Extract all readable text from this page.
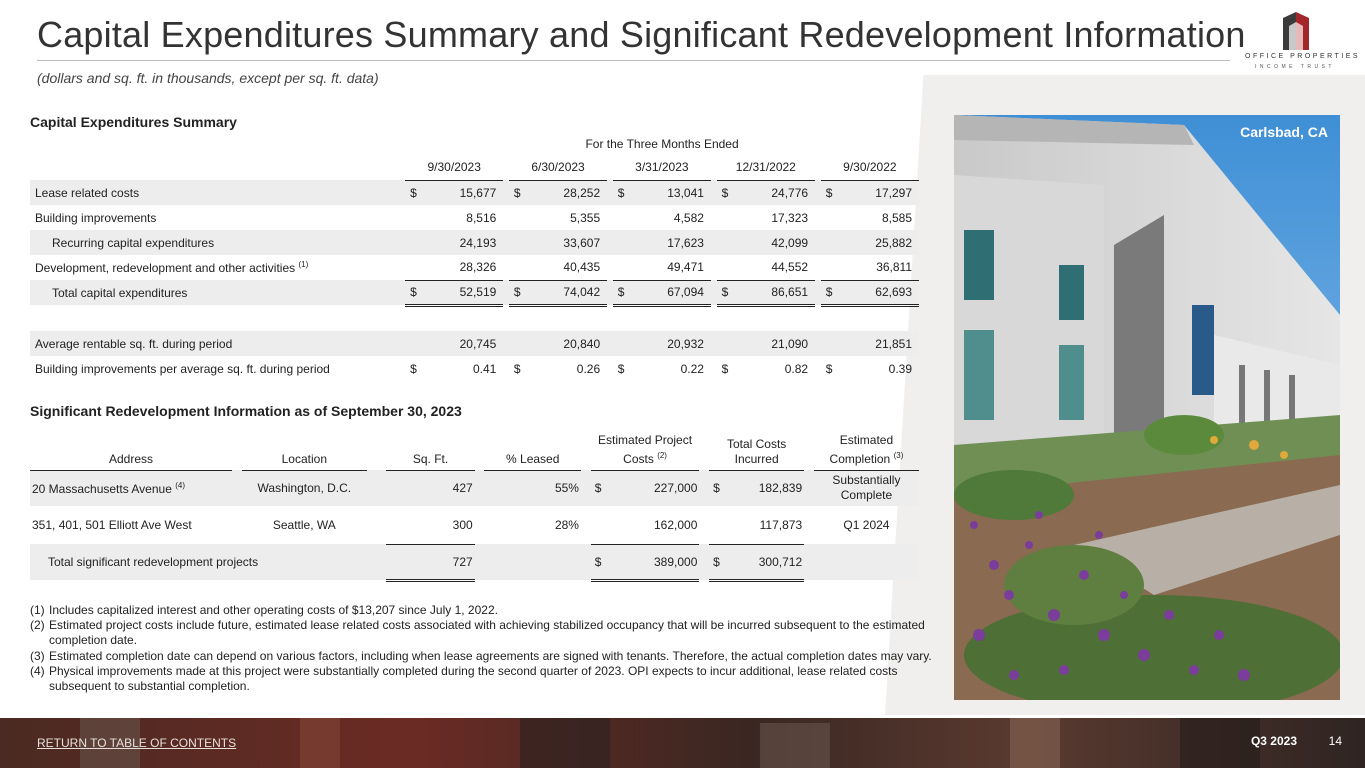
Capital Expenditures Summary and Significant Redevelopment Information
(dollars and sq. ft. in thousands, except per sq. ft. data)
OFFICE PROPERTIES
INCOME TRUST
Capital Expenditures Summary
	For the Three Months Ended								
	9/30/2023		6/30/2023		3/31/2023		12/31/2022		9/30/2022
Lease related costs	$ 15,677		$ 28,252		$ 13,041		$ 24,776		$ 17,297

Building improvements	8,516		5,355		4,582		17,323		8,585

Recurring capital expenditures	24,193		33,607		17,623		42,099		25,882

Development, redevelopment and other activities $^{(1)}$	28,326		40,435		49,471		44,552		36,811

Total capital expenditures	$ 52,519		$ 74,042		$ 67,094		$ 86,651		$ 62,693

Average rentable sq. ft. during period	20,745		20,840		20,932		21,090		21,851

Building improvements per average sq. ft. during period	$ 0.41		$ 0.26		$ 0.22		$ 0.82		$ 0.39
Significant Redevelopment Information as of September 30, 2023
Address		Location		Sq. Ft.		% Leased		Estimated Project Costs $^{(2)}$		Total Costs Incurred		Estimated Completion $^{(3)}$
20 Massachusetts Avenue $^{(4)}$		Washington, D.C.		427		55%		$ 227,000		$ 182,839		Substantially Complete
351, 401, 501 Elliott Ave West		Seattle, WA		300		28%		162,000		117,873		Q1 2024
Total significant redevelopment projects				727				$ 389,000		$ 300,712		

(1) Includes capitalized interest and other operating costs of $13,207 since July 1, 2022.
(2) Estimated project costs include future, estimated lease related costs associated with achieving stabilized occupancy that will be incurred subsequent to the estimated completion date.
(3) Estimated completion date can depend on various factors, including when lease agreements are signed with tenants. Therefore, the actual completion dates may vary.
(4) Physical improvements made at this project were substantially completed during the second quarter of 2023. OPI expects to incur additional, lease related costs subsequent to substantial completion.
Carlsbad, CA
RETURN TO TABLE OF CONTENTS	Q3 2023	14
